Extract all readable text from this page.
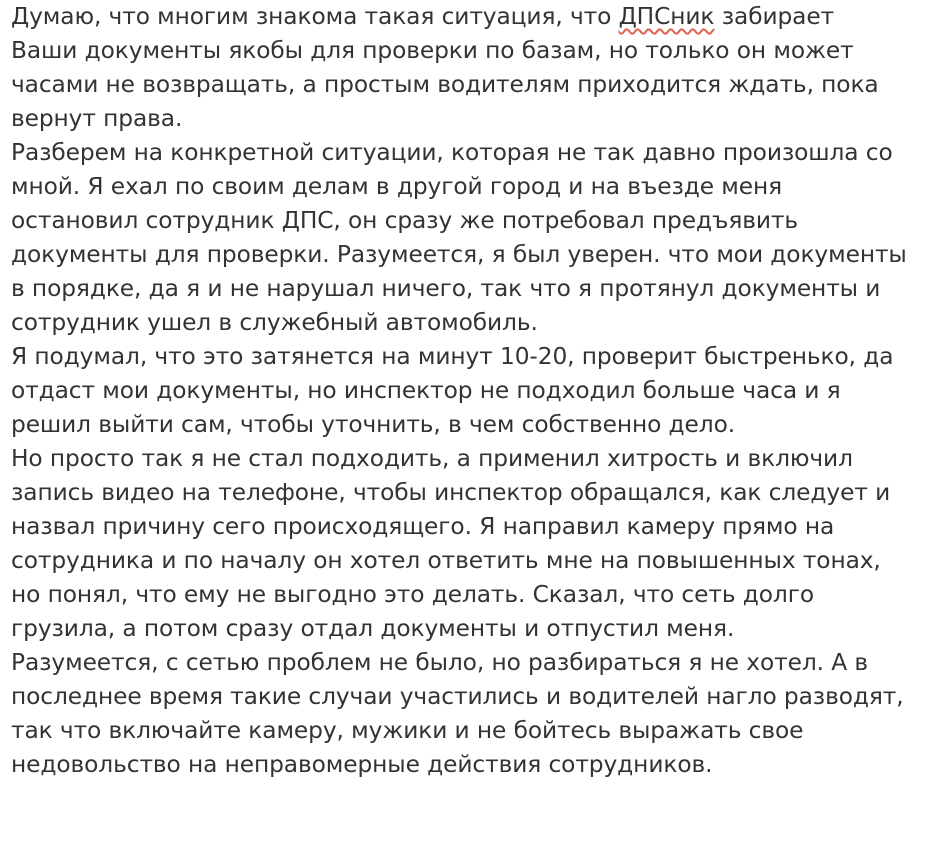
Думаю, что многим знакома такая ситуация, что ДПСник забирает
Ваши документы якобы для проверки по базам, но только он может
часами не возвращать, а простым водителям приходится ждать, пока
вернут права.
Разберем на конкретной ситуации, которая не так давно произошла со
мной. Я ехал по своим делам в другой город и на въезде меня
остановил сотрудник ДПС, он сразу же потребовал предъявить
документы для проверки. Разумеется, я был уверен. что мои документы
в порядке, да я и не нарушал ничего, так что я протянул документы и
сотрудник ушел в служебный автомобиль.
Я подумал, что это затянется на минут 10-20, проверит быстренько, да
отдаст мои документы, но инспектор не подходил больше часа и я
решил выйти сам, чтобы уточнить, в чем собственно дело.
Но просто так я не стал подходить, а применил хитрость и включил
запись видео на телефоне, чтобы инспектор обращался, как следует и
назвал причину сего происходящего. Я направил камеру прямо на
сотрудника и по началу он хотел ответить мне на повышенных тонах,
но понял, что ему не выгодно это делать. Сказал, что сеть долго
грузила, а потом сразу отдал документы и отпустил меня.
Разумеется, с сетью проблем не было, но разбираться я не хотел. А в
последнее время такие случаи участились и водителей нагло разводят,
так что включайте камеру, мужики и не бойтесь выражать свое
недовольство на неправомерные действия сотрудников.
